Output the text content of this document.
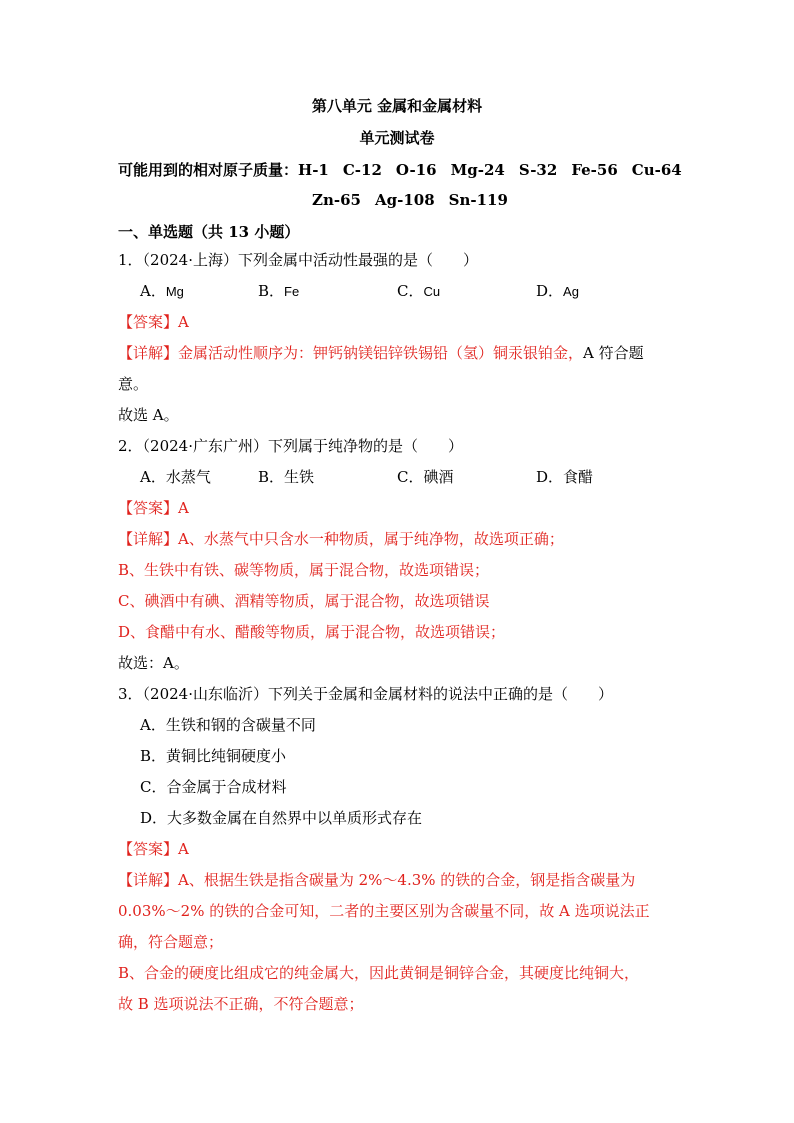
第八单元 金属和金属材料
单元测试卷
可能用到的相对原子质量：H-1 C-12 O-16 Mg-24 S-32 Fe-56 Cu-64
Zn-65 Ag-108 Sn-119
一、单选题（共 13 小题）
1．（2024·上海）下列金属中活动性最强的是（　　）
A．Mg	B．Fe	C．Cu	D．Ag
【答案】A
【详解】金属活动性顺序为：钾钙钠镁铝锌铁锡铅（氢）铜汞银铂金，A 符合题
意。
故选 A。
2．（2024·广东广州）下列属于纯净物的是（　　）
A．水蒸气	B．生铁	C．碘酒	D．食醋
【答案】A
【详解】A、水蒸气中只含水一种物质，属于纯净物，故选项正确；
B、生铁中有铁、碳等物质，属于混合物，故选项错误；
C、碘酒中有碘、酒精等物质，属于混合物，故选项错误
D、食醋中有水、醋酸等物质，属于混合物，故选项错误；
故选：A。
3．（2024·山东临沂）下列关于金属和金属材料的说法中正确的是（　　）
A．生铁和钢的含碳量不同
B．黄铜比纯铜硬度小
C．合金属于合成材料
D．大多数金属在自然界中以单质形式存在
【答案】A
【详解】A、根据生铁是指含碳量为 2%～4.3% 的铁的合金，钢是指含碳量为
0.03%～2% 的铁的合金可知，二者的主要区别为含碳量不同，故 A 选项说法正
确，符合题意；
B、合金的硬度比组成它的纯金属大，因此黄铜是铜锌合金，其硬度比纯铜大，
故 B 选项说法不正确，不符合题意；
